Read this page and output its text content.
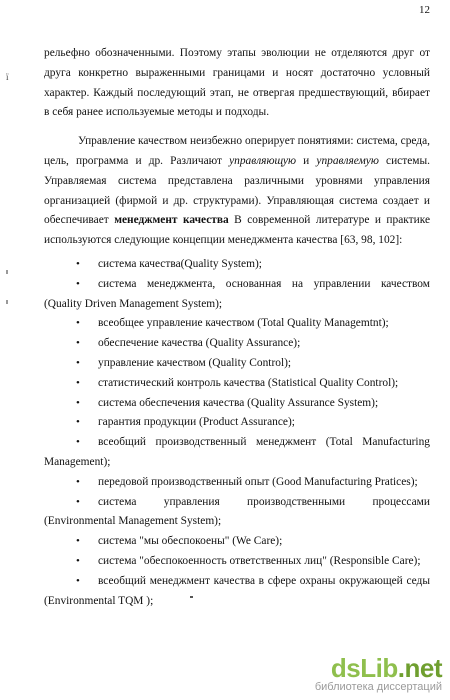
12
ї

рельефно обозначенными. Поэтому этапы эволюции не отделяются друг от друга конкретно выраженными границами и носят достаточно условный характер. Каждый последующий этап, не отвергая предшествующий, вбирает в себя ранее используемые методы и подходы.

Управление качеством неизбежно оперирует понятиями: система, среда, цель, программа и др. Различают управляющую и управляемую системы. Управляемая система представлена различными уровнями управления организацией (фирмой и др. структурами). Управляющая система создает и обеспечивает менеджмент качества В современной литературе и практике используются следующие концепции менеджмента качества [63, 98, 102]:

• система качества(Quality System);
• система менеджмента, основанная на управлении качеством (Quality Driven Management System);
• всеобщее управление качеством (Total Quality Managemtnt);
• обеспечение качества (Quality Assurance);
• управление качеством (Quality Control);
• статистический контроль качества (Statistical Quality Control);
• система обеспечения качества (Quality Assurance System);
• гарантия продукции (Product Assurance);
• всеобщий производственный менеджмент (Total Manufacturing Management);
• передовой производственный опыт (Good Manufacturing Pratices);
• система управления производственными процессами (Environmental Management System);
• система "мы обеспокоены" (We Care);
• система "обеспокоенность ответственных лиц" (Responsible Care);
• всеобщий менеджмент качества в сфере охраны окружающей седы (Environmental TQM );
dsLib.net
библиотека диссертаций
